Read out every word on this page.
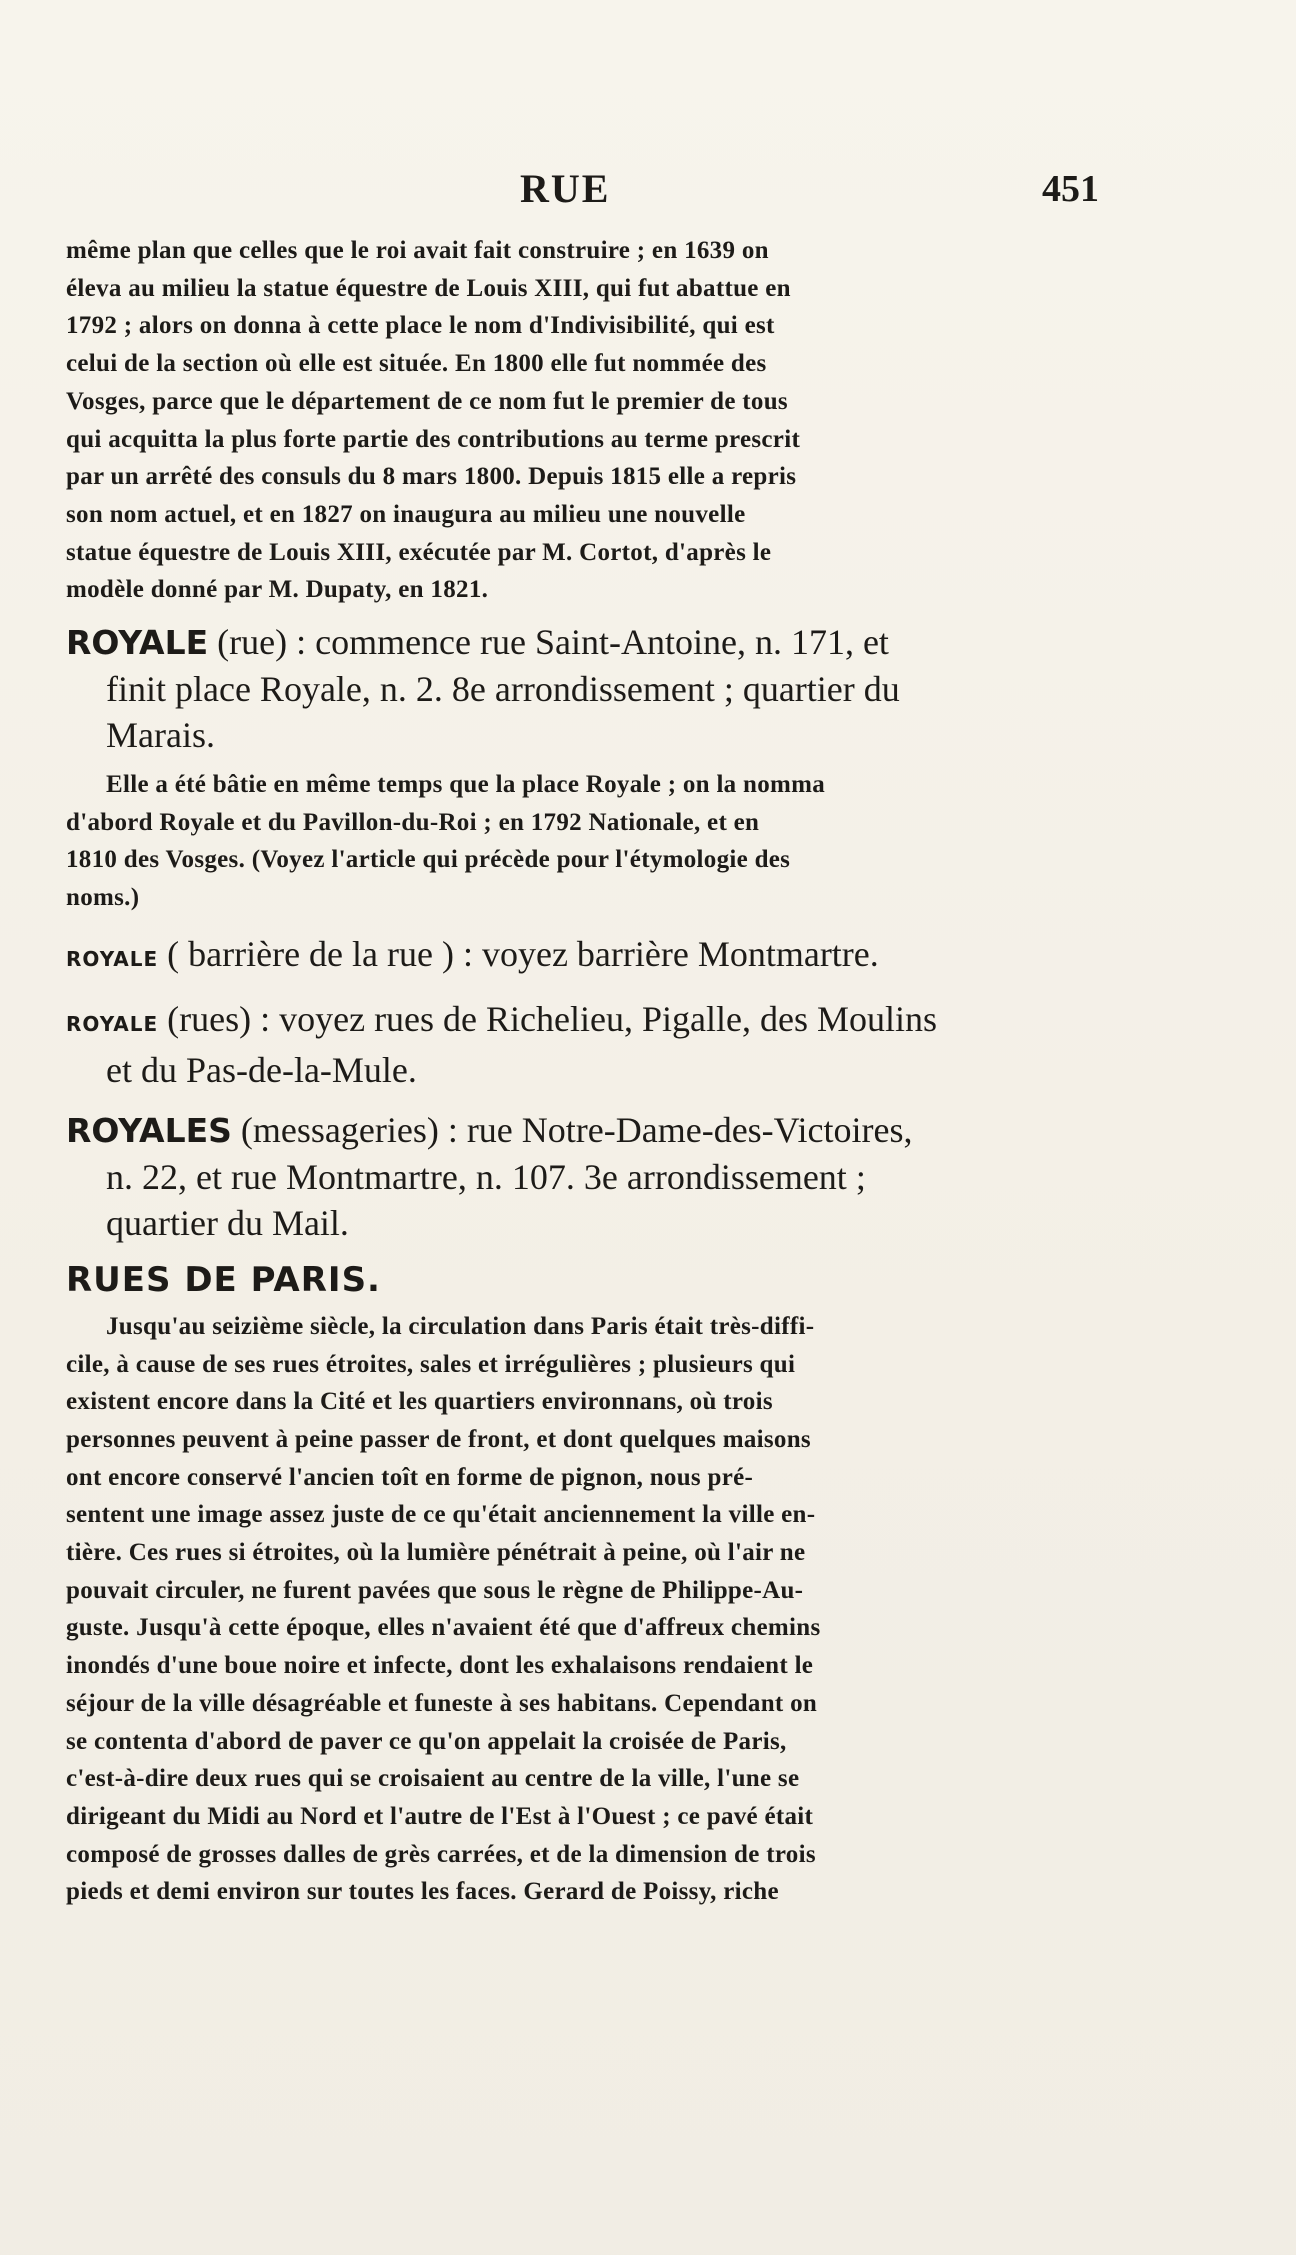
RUE	451
même plan que celles que le roi avait fait construire ; en 1639 on
éleva au milieu la statue équestre de Louis XIII, qui fut abattue en
1792 ; alors on donna à cette place le nom d'Indivisibilité, qui est
celui de la section où elle est située. En 1800 elle fut nommée des
Vosges, parce que le département de ce nom fut le premier de tous
qui acquitta la plus forte partie des contributions au terme prescrit
par un arrêté des consuls du 8 mars 1800. Depuis 1815 elle a repris
son nom actuel, et en 1827 on inaugura au milieu une nouvelle
statue équestre de Louis XIII, exécutée par M. Cortot, d'après le
modèle donné par M. Dupaty, en 1821.
ROYALE (rue) : commence rue Saint-Antoine, n. 171, et
finit place Royale, n. 2. 8e arrondissement ; quartier du
Marais.
Elle a été bâtie en même temps que la place Royale ; on la nomma
d'abord Royale et du Pavillon-du-Roi ; en 1792 Nationale, et en
1810 des Vosges. (Voyez l'article qui précède pour l'étymologie des
noms.)
ROYALE ( barrière de la rue ) : voyez barrière Montmartre.
ROYALE (rues) : voyez rues de Richelieu, Pigalle, des Moulins
et du Pas-de-la-Mule.
ROYALES (messageries) : rue Notre-Dame-des-Victoires,
n. 22, et rue Montmartre, n. 107. 3e arrondissement ;
quartier du Mail.
RUES DE PARIS.
Jusqu'au seizième siècle, la circulation dans Paris était très-diffi-
cile, à cause de ses rues étroites, sales et irrégulières ; plusieurs qui
existent encore dans la Cité et les quartiers environnans, où trois
personnes peuvent à peine passer de front, et dont quelques maisons
ont encore conservé l'ancien toît en forme de pignon, nous pré-
sentent une image assez juste de ce qu'était anciennement la ville en-
tière. Ces rues si étroites, où la lumière pénétrait à peine, où l'air ne
pouvait circuler, ne furent pavées que sous le règne de Philippe-Au-
guste. Jusqu'à cette époque, elles n'avaient été que d'affreux chemins
inondés d'une boue noire et infecte, dont les exhalaisons rendaient le
séjour de la ville désagréable et funeste à ses habitans. Cependant on
se contenta d'abord de paver ce qu'on appelait la croisée de Paris,
c'est-à-dire deux rues qui se croisaient au centre de la ville, l'une se
dirigeant du Midi au Nord et l'autre de l'Est à l'Ouest ; ce pavé était
composé de grosses dalles de grès carrées, et de la dimension de trois
pieds et demi environ sur toutes les faces. Gerard de Poissy, riche
